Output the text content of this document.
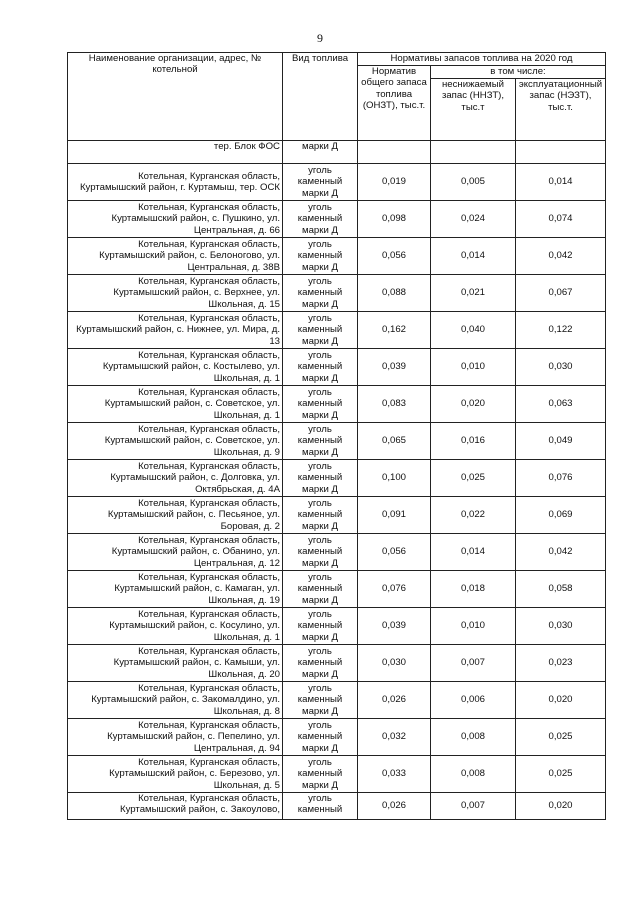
9
Наименование организации, адрес, № котельной	Вид топлива	Нормативы запасов топлива на 2020 год		
		Норматив общего запаса топлива (ОНЗТ), тыс.т.	в том числе:	
			неснижаемый запас (ННЗТ), тыс.т	эксплуатационный запас (НЭЗТ), тыс.т.
тер. Блок ФОС	марки Д			
Котельная, Курганская область, Куртамышский район, г. Куртамыш, тер. ОСК	уголь каменный марки Д	0,019	0,005	0,014
Котельная, Курганская область, Куртамышский район, с. Пушкино, ул. Центральная, д. 66	уголь каменный марки Д	0,098	0,024	0,074
Котельная, Курганская область, Куртамышский район, с. Белоногово, ул. Центральная, д. 38В	уголь каменный марки Д	0,056	0,014	0,042
Котельная, Курганская область, Куртамышский район, с. Верхнее, ул. Школьная, д. 15	уголь каменный марки Д	0,088	0,021	0,067
Котельная, Курганская область, Куртамышский район, с. Нижнее, ул. Мира, д. 13	уголь каменный марки Д	0,162	0,040	0,122
Котельная, Курганская область, Куртамышский район, с. Костылево, ул. Школьная, д. 1	уголь каменный марки Д	0,039	0,010	0,030
Котельная, Курганская область, Куртамышский район, с. Советское, ул. Школьная, д. 1	уголь каменный марки Д	0,083	0,020	0,063
Котельная, Курганская область, Куртамышский район, с. Советское, ул. Школьная, д. 9	уголь каменный марки Д	0,065	0,016	0,049
Котельная, Курганская область, Куртамышский район, с. Долговка, ул. Октябрьская, д. 4А	уголь каменный марки Д	0,100	0,025	0,076
Котельная, Курганская область, Куртамышский район, с. Песьяное, ул. Боровая, д. 2	уголь каменный марки Д	0,091	0,022	0,069
Котельная, Курганская область, Куртамышский район, с. Обанино, ул. Центральная, д. 12	уголь каменный марки Д	0,056	0,014	0,042
Котельная, Курганская область, Куртамышский район, с. Камаган, ул. Школьная, д. 19	уголь каменный марки Д	0,076	0,018	0,058
Котельная, Курганская область, Куртамышский район, с. Косулино, ул. Школьная, д. 1	уголь каменный марки Д	0,039	0,010	0,030
Котельная, Курганская область, Куртамышский район, с. Камыши, ул. Школьная, д. 20	уголь каменный марки Д	0,030	0,007	0,023
Котельная, Курганская область, Куртамышский район, с. Закомалдино, ул. Школьная, д. 8	уголь каменный марки Д	0,026	0,006	0,020
Котельная, Курганская область, Куртамышский район, с. Пепелино, ул. Центральная, д. 94	уголь каменный марки Д	0,032	0,008	0,025
Котельная, Курганская область, Куртамышский район, с. Березово, ул. Школьная, д. 5	уголь каменный марки Д	0,033	0,008	0,025
Котельная, Курганская область, Куртамышский район, с. Закоулово,	уголь каменный	0,026	0,007	0,020
